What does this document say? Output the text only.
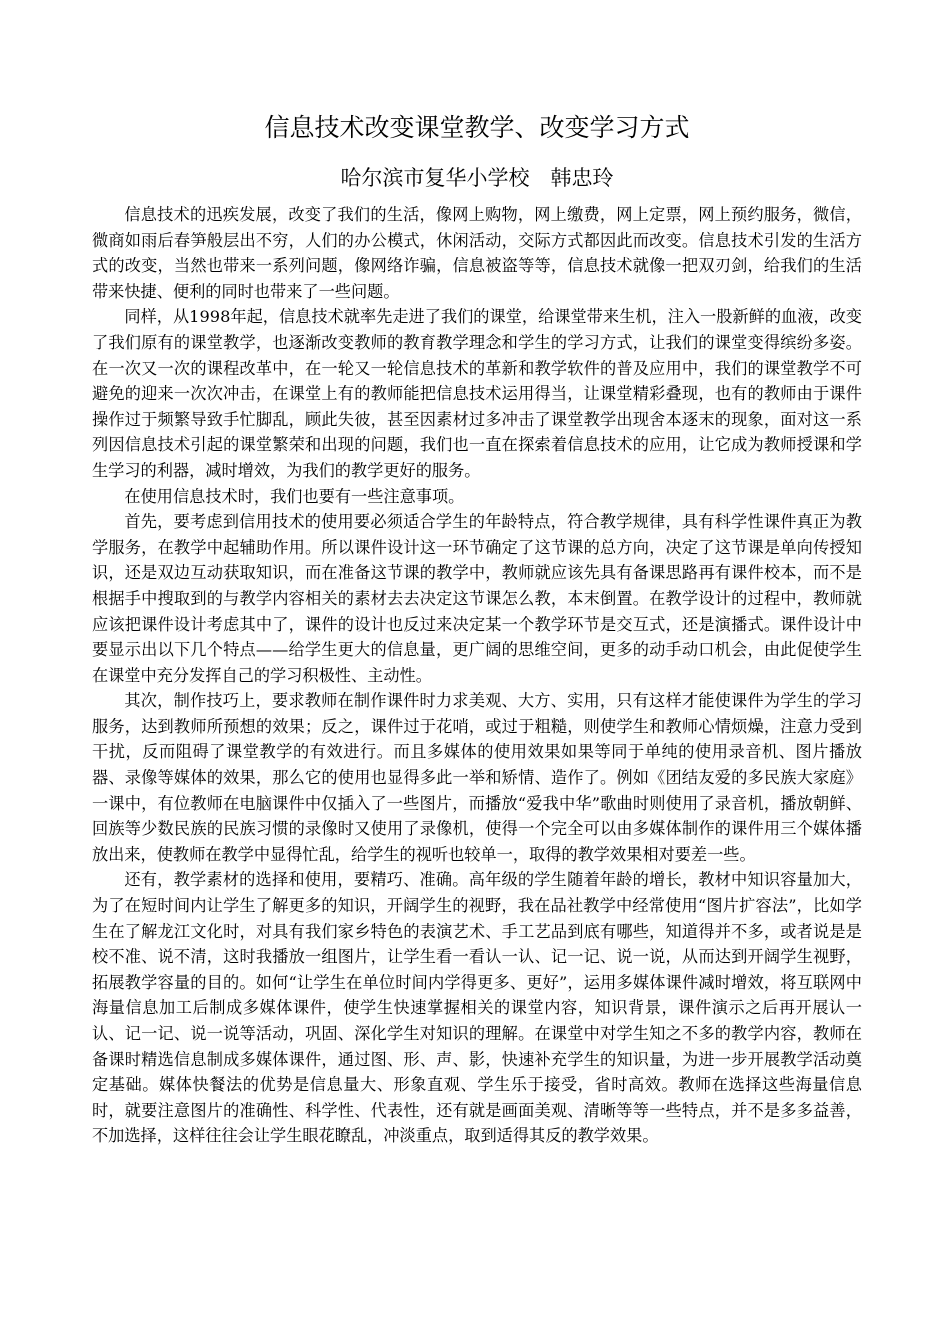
信息技术改变课堂教学、改变学习方式
哈尔滨市复华小学校　韩忠玲

信息技术的迅疾发展，改变了我们的生活，像网上购物，网上缴费，网上定票，网上预约服务，微信，微商如雨后春笋般层出不穷，人们的办公模式，休闲活动，交际方式都因此而改变。信息技术引发的生活方式的改变，当然也带来一系列问题，像网络诈骗，信息被盗等等，信息技术就像一把双刃剑，给我们的生活带来快捷、便利的同时也带来了一些问题。

同样，从1998年起，信息技术就率先走进了我们的课堂，给课堂带来生机，注入一股新鲜的血液，改变了我们原有的课堂教学，也逐渐改变教师的教育教学理念和学生的学习方式，让我们的课堂变得缤纷多姿。在一次又一次的课程改革中，在一轮又一轮信息技术的革新和教学软件的普及应用中，我们的课堂教学不可避免的迎来一次次冲击，在课堂上有的教师能把信息技术运用得当，让课堂精彩叠现，也有的教师由于课件操作过于频繁导致手忙脚乱，顾此失彼，甚至因素材过多冲击了课堂教学出现舍本逐末的现象，面对这一系列因信息技术引起的课堂繁荣和出现的问题，我们也一直在探索着信息技术的应用，让它成为教师授课和学生学习的利器，减时增效，为我们的教学更好的服务。

在使用信息技术时，我们也要有一些注意事项。

首先，要考虑到信用技术的使用要必须适合学生的年龄特点，符合教学规律，具有科学性课件真正为教学服务，在教学中起辅助作用。所以课件设计这一环节确定了这节课的总方向，决定了这节课是单向传授知识，还是双边互动获取知识，而在准备这节课的教学中，教师就应该先具有备课思路再有课件校本，而不是根据手中搜取到的与教学内容相关的素材去去决定这节课怎么教，本末倒置。在教学设计的过程中，教师就应该把课件设计考虑其中了，课件的设计也反过来决定某一个教学环节是交互式，还是演播式。课件设计中要显示出以下几个特点——给学生更大的信息量，更广阔的思维空间，更多的动手动口机会，由此促使学生在课堂中充分发挥自己的学习积极性、主动性。

其次，制作技巧上，要求教师在制作课件时力求美观、大方、实用，只有这样才能使课件为学生的学习服务，达到教师所预想的效果；反之，课件过于花哨，或过于粗糙，则使学生和教师心情烦燥，注意力受到干扰，反而阻碍了课堂教学的有效进行。而且多媒体的使用效果如果等同于单纯的使用录音机、图片播放器、录像等媒体的效果，那么它的使用也显得多此一举和矫情、造作了。例如《团结友爱的多民族大家庭》一课中，有位教师在电脑课件中仅插入了一些图片，而播放“爱我中华”歌曲时则使用了录音机，播放朝鲜、回族等少数民族的民族习惯的录像时又使用了录像机，使得一个完全可以由多媒体制作的课件用三个媒体播放出来，使教师在教学中显得忙乱，给学生的视听也较单一，取得的教学效果相对要差一些。

还有，教学素材的选择和使用，要精巧、准确。高年级的学生随着年龄的增长，教材中知识容量加大，为了在短时间内让学生了解更多的知识，开阔学生的视野，我在品社教学中经常使用“图片扩容法”，比如学生在了解龙江文化时，对具有我们家乡特色的表演艺术、手工艺品到底有哪些，知道得并不多，或者说是是校不准、说不清，这时我播放一组图片，让学生看一看认一认、记一记、说一说，从而达到开阔学生视野，拓展教学容量的目的。如何“让学生在单位时间内学得更多、更好”，运用多媒体课件减时增效，将互联网中海量信息加工后制成多媒体课件，使学生快速掌握相关的课堂内容，知识背景，课件演示之后再开展认一认、记一记、说一说等活动，巩固、深化学生对知识的理解。在课堂中对学生知之不多的教学内容，教师在备课时精选信息制成多媒体课件，通过图、形、声、影，快速补充学生的知识量，为进一步开展教学活动奠定基础。媒体快餐法的优势是信息量大、形象直观、学生乐于接受，省时高效。教师在选择这些海量信息时，就要注意图片的准确性、科学性、代表性，还有就是画面美观、清晰等等一些特点，并不是多多益善，不加选择，这样往往会让学生眼花瞭乱，冲淡重点，取到适得其反的教学效果。
